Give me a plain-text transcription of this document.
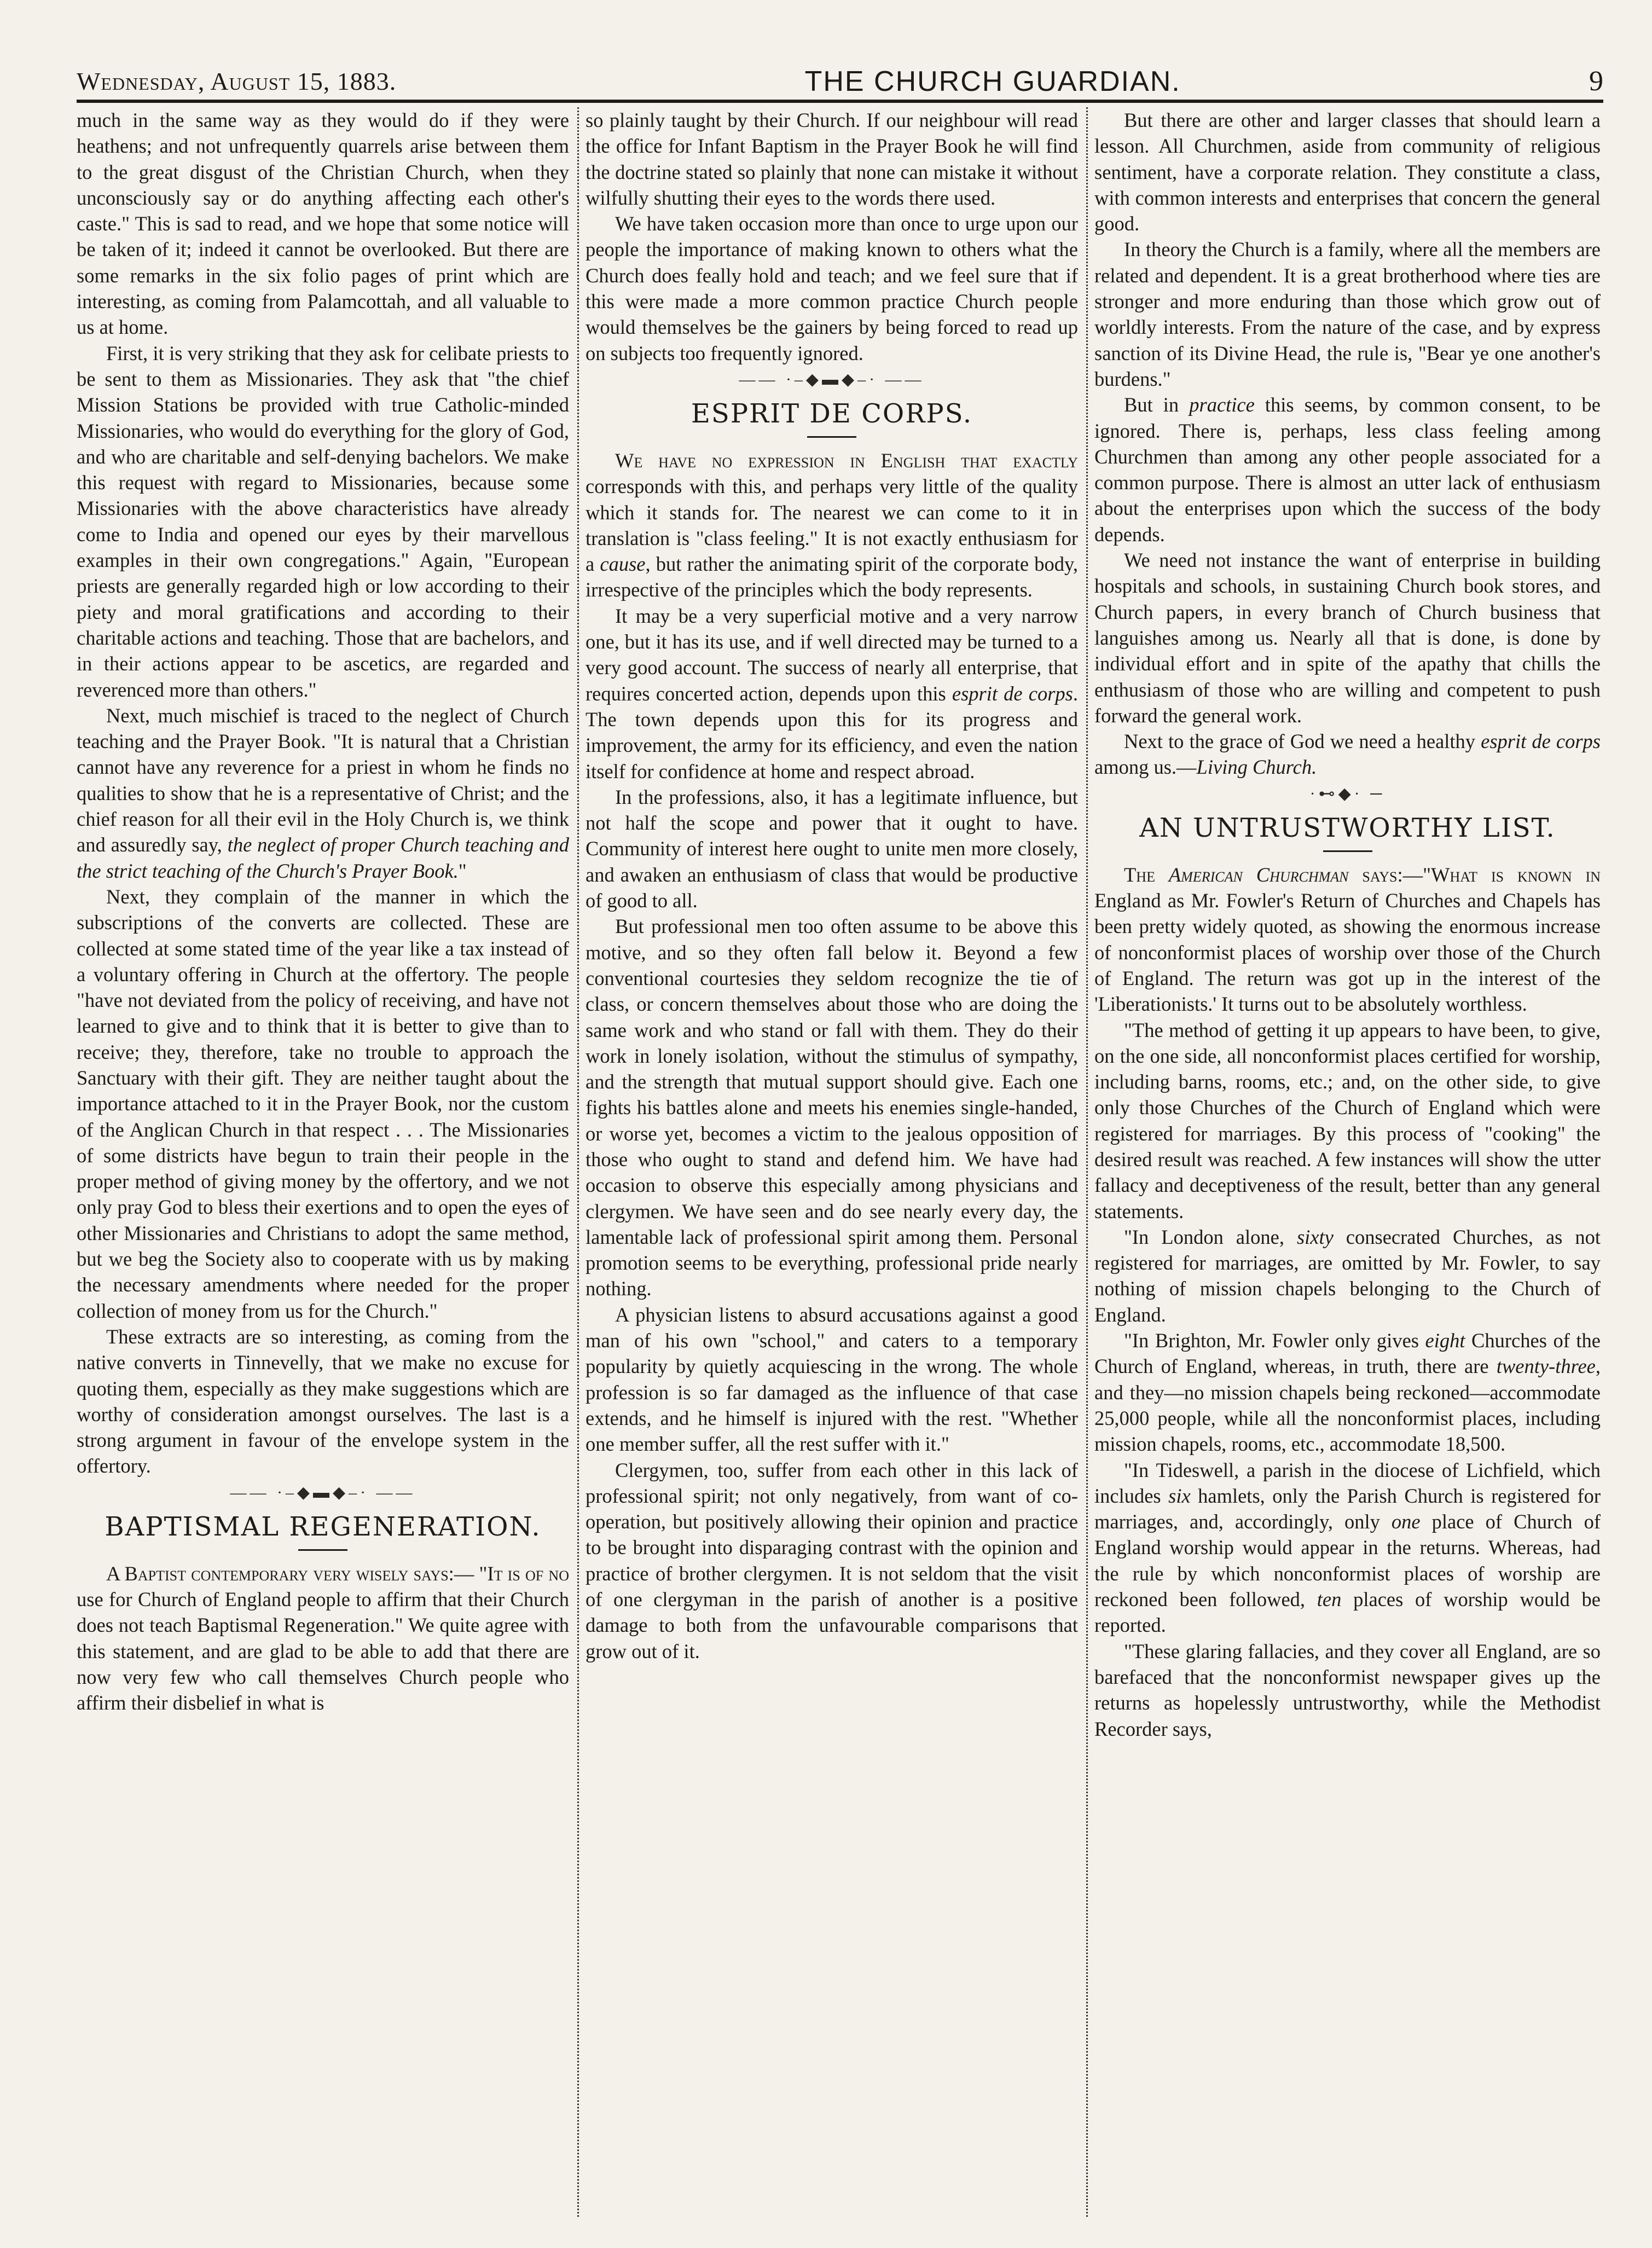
Wednesday, August 15, 1883.	THE CHURCH GUARDIAN.	9

much in the same way as they would do if they were heathens; and not unfrequently quarrels arise between them to the great disgust of the Christian Church, when they unconsciously say or do anything affecting each other's caste." This is sad to read, and we hope that some notice will be taken of it; indeed it cannot be overlooked. But there are some remarks in the six folio pages of print which are interesting, as coming from Palamcottah, and all valuable to us at home.

First, it is very striking that they ask for celibate priests to be sent to them as Missionaries. They ask that "the chief Mission Stations be provided with true Catholic-minded Missionaries, who would do everything for the glory of God, and who are charitable and self-denying bachelors. We make this request with regard to Missionaries, because some Missionaries with the above characteristics have already come to India and opened our eyes by their marvellous examples in their own congregations." Again, "European priests are generally regarded high or low according to their piety and moral gratifications and according to their charitable actions and teaching. Those that are bachelors, and in their actions appear to be ascetics, are regarded and reverenced more than others."

Next, much mischief is traced to the neglect of Church teaching and the Prayer Book. "It is natural that a Christian cannot have any reverence for a priest in whom he finds no qualities to show that he is a representative of Christ; and the chief reason for all their evil in the Holy Church is, we think and assuredly say, the neglect of proper Church teaching and the strict teaching of the Church's Prayer Book."

Next, they complain of the manner in which the subscriptions of the converts are collected. These are collected at some stated time of the year like a tax instead of a voluntary offering in Church at the offertory. The people "have not deviated from the policy of receiving, and have not learned to give and to think that it is better to give than to receive; they, therefore, take no trouble to approach the Sanctuary with their gift. They are neither taught about the importance attached to it in the Prayer Book, nor the custom of the Anglican Church in that respect . . . The Missionaries of some districts have begun to train their people in the proper method of giving money by the offertory, and we not only pray God to bless their exertions and to open the eyes of other Missionaries and Christians to adopt the same method, but we beg the Society also to cooperate with us by making the necessary amendments where needed for the proper collection of money from us for the Church."

These extracts are so interesting, as coming from the native converts in Tinnevelly, that we make no excuse for quoting them, especially as they make suggestions which are worthy of consideration amongst ourselves. The last is a strong argument in favour of the envelope system in the offertory.

—— ·–◆▬◆–· ——
BAPTISMAL REGENERATION.

A Baptist contemporary very wisely says:— "It is of no use for Church of England people to affirm that their Church does not teach Baptismal Regeneration." We quite agree with this statement, and are glad to be able to add that there are now very few who call themselves Church people who affirm their disbelief in what is

so plainly taught by their Church. If our neighbour will read the office for Infant Baptism in the Prayer Book he will find the doctrine stated so plainly that none can mistake it without wilfully shutting their eyes to the words there used.

We have taken occasion more than once to urge upon our people the importance of making known to others what the Church does feally hold and teach; and we feel sure that if this were made a more common practice Church people would themselves be the gainers by being forced to read up on subjects too frequently ignored.

—— ·–◆▬◆–· ——
ESPRIT DE CORPS.

We have no expression in English that exactly corresponds with this, and perhaps very little of the quality which it stands for. The nearest we can come to it in translation is "class feeling." It is not exactly enthusiasm for a cause, but rather the animating spirit of the corporate body, irrespective of the principles which the body represents.

It may be a very superficial motive and a very narrow one, but it has its use, and if well directed may be turned to a very good account. The success of nearly all enterprise, that requires concerted action, depends upon this esprit de corps. The town depends upon this for its progress and improvement, the army for its efficiency, and even the nation itself for confidence at home and respect abroad.

In the professions, also, it has a legitimate influence, but not half the scope and power that it ought to have. Community of interest here ought to unite men more closely, and awaken an enthusiasm of class that would be productive of good to all.

But professional men too often assume to be above this motive, and so they often fall below it. Beyond a few conventional courtesies they seldom recognize the tie of class, or concern themselves about those who are doing the same work and who stand or fall with them. They do their work in lonely isolation, without the stimulus of sympathy, and the strength that mutual support should give. Each one fights his battles alone and meets his enemies single-handed, or worse yet, becomes a victim to the jealous opposition of those who ought to stand and defend him. We have had occasion to observe this especially among physicians and clergymen. We have seen and do see nearly every day, the lamentable lack of professional spirit among them. Personal promotion seems to be everything, professional pride nearly nothing.

A physician listens to absurd accusations against a good man of his own "school," and caters to a temporary popularity by quietly acquiescing in the wrong. The whole profession is so far damaged as the influence of that case extends, and he himself is injured with the rest. "Whether one member suffer, all the rest suffer with it."

Clergymen, too, suffer from each other in this lack of professional spirit; not only negatively, from want of co-operation, but positively allowing their opinion and practice to be brought into disparaging contrast with the opinion and practice of brother clergymen. It is not seldom that the visit of one clergyman in the parish of another is a positive damage to both from the unfavourable comparisons that grow out of it.

But there are other and larger classes that should learn a lesson. All Churchmen, aside from community of religious sentiment, have a corporate relation. They constitute a class, with common interests and enterprises that concern the general good.

In theory the Church is a family, where all the members are related and dependent. It is a great brotherhood where ties are stronger and more enduring than those which grow out of worldly interests. From the nature of the case, and by express sanction of its Divine Head, the rule is, "Bear ye one another's burdens."

But in practice this seems, by common consent, to be ignored. There is, perhaps, less class feeling among Churchmen than among any other people associated for a common purpose. There is almost an utter lack of enthusiasm about the enterprises upon which the success of the body depends.

We need not instance the want of enterprise in building hospitals and schools, in sustaining Church book stores, and Church papers, in every branch of Church business that languishes among us. Nearly all that is done, is done by individual effort and in spite of the apathy that chills the enthusiasm of those who are willing and competent to push forward the general work.

Next to the grace of God we need a healthy esprit de corps among us.—Living Church.

·⊷◆· ─
AN UNTRUSTWORTHY LIST.

The American Churchman says:—"What is known in England as Mr. Fowler's Return of Churches and Chapels has been pretty widely quoted, as showing the enormous increase of nonconformist places of worship over those of the Church of England. The return was got up in the interest of the 'Liberationists.' It turns out to be absolutely worthless.

"The method of getting it up appears to have been, to give, on the one side, all nonconformist places certified for worship, including barns, rooms, etc.; and, on the other side, to give only those Churches of the Church of England which were registered for marriages. By this process of "cooking" the desired result was reached. A few instances will show the utter fallacy and deceptiveness of the result, better than any general statements.

"In London alone, sixty consecrated Churches, as not registered for marriages, are omitted by Mr. Fowler, to say nothing of mission chapels belonging to the Church of England.

"In Brighton, Mr. Fowler only gives eight Churches of the Church of England, whereas, in truth, there are twenty-three, and they—no mission chapels being reckoned—accommodate 25,000 people, while all the nonconformist places, including mission chapels, rooms, etc., accommodate 18,500.

"In Tideswell, a parish in the diocese of Lichfield, which includes six hamlets, only the Parish Church is registered for marriages, and, accordingly, only one place of Church of England worship would appear in the returns. Whereas, had the rule by which nonconformist places of worship are reckoned been followed, ten places of worship would be reported.

"These glaring fallacies, and they cover all England, are so barefaced that the nonconformist newspaper gives up the returns as hopelessly untrustworthy, while the Methodist Recorder says,
